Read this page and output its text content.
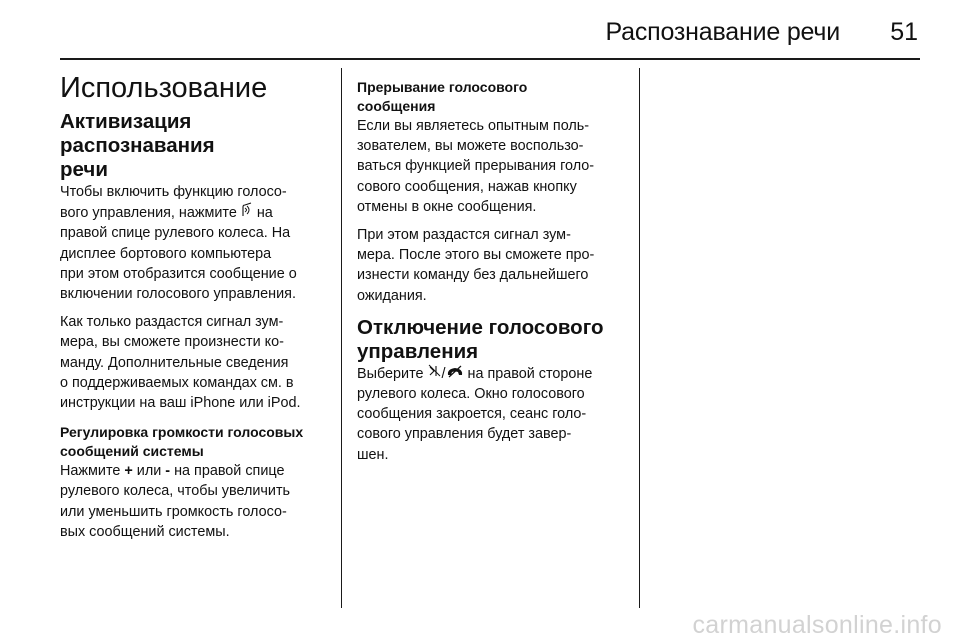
Распознавание речи 51
Использование
Активизация распознавания
речи

Чтобы включить функцию голосо-

вого управления, нажмите  на

правой спице рулевого колеса. На

дисплее бортового компьютера

при этом отобразится сообщение о

включении голосового управления.

Как только раздастся сигнал зум-

мера, вы сможете произнести ко-

манду. Дополнительные сведения

о поддерживаемых командах см. в

инструкции на ваш iPhone или iPod.

Регулировка громкости голосовых
сообщений системы

Нажмите + или - на правой спице

рулевого колеса, чтобы увеличить

или уменьшить громкость голосо-

вых сообщений системы.

Прерывание голосового
сообщения

Если вы являетесь опытным поль-

зователем, вы можете воспользо-

ваться функцией прерывания голо-

сового сообщения, нажав кнопку

отмены в окне сообщения.

При этом раздастся сигнал зум-

мера. После этого вы сможете про-

изнести команду без дальнейшего

ожидания.

Отключение голосового
управления

Выберите / на правой стороне

рулевого колеса. Окно голосового

сообщения закроется, сеанс голо-

сового управления будет завер-

шен.

carmanualsonline.info
